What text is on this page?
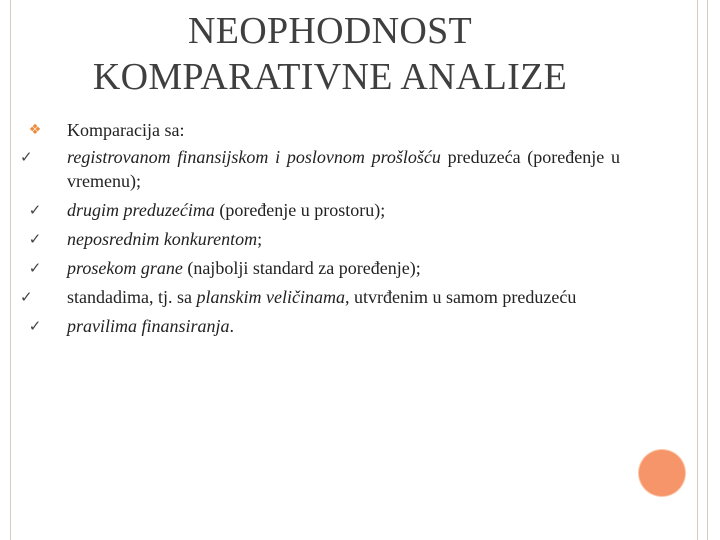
NEOPHODNOST
KOMPARATIVNE ANALIZE
❖	Komparacija sa:
✓	registrovanom finansijskom i poslovnom prošlošću preduzeća (poređenje u vremenu);
✓	drugim preduzećima (poređenje u prostoru);
✓	neposrednim konkurentom;
✓	prosekom grane (najbolji standard za poređenje);
✓	standadima, tj. sa planskim veličinama, utvrđenim u samom preduzeću
✓	pravilima finansiranja.
